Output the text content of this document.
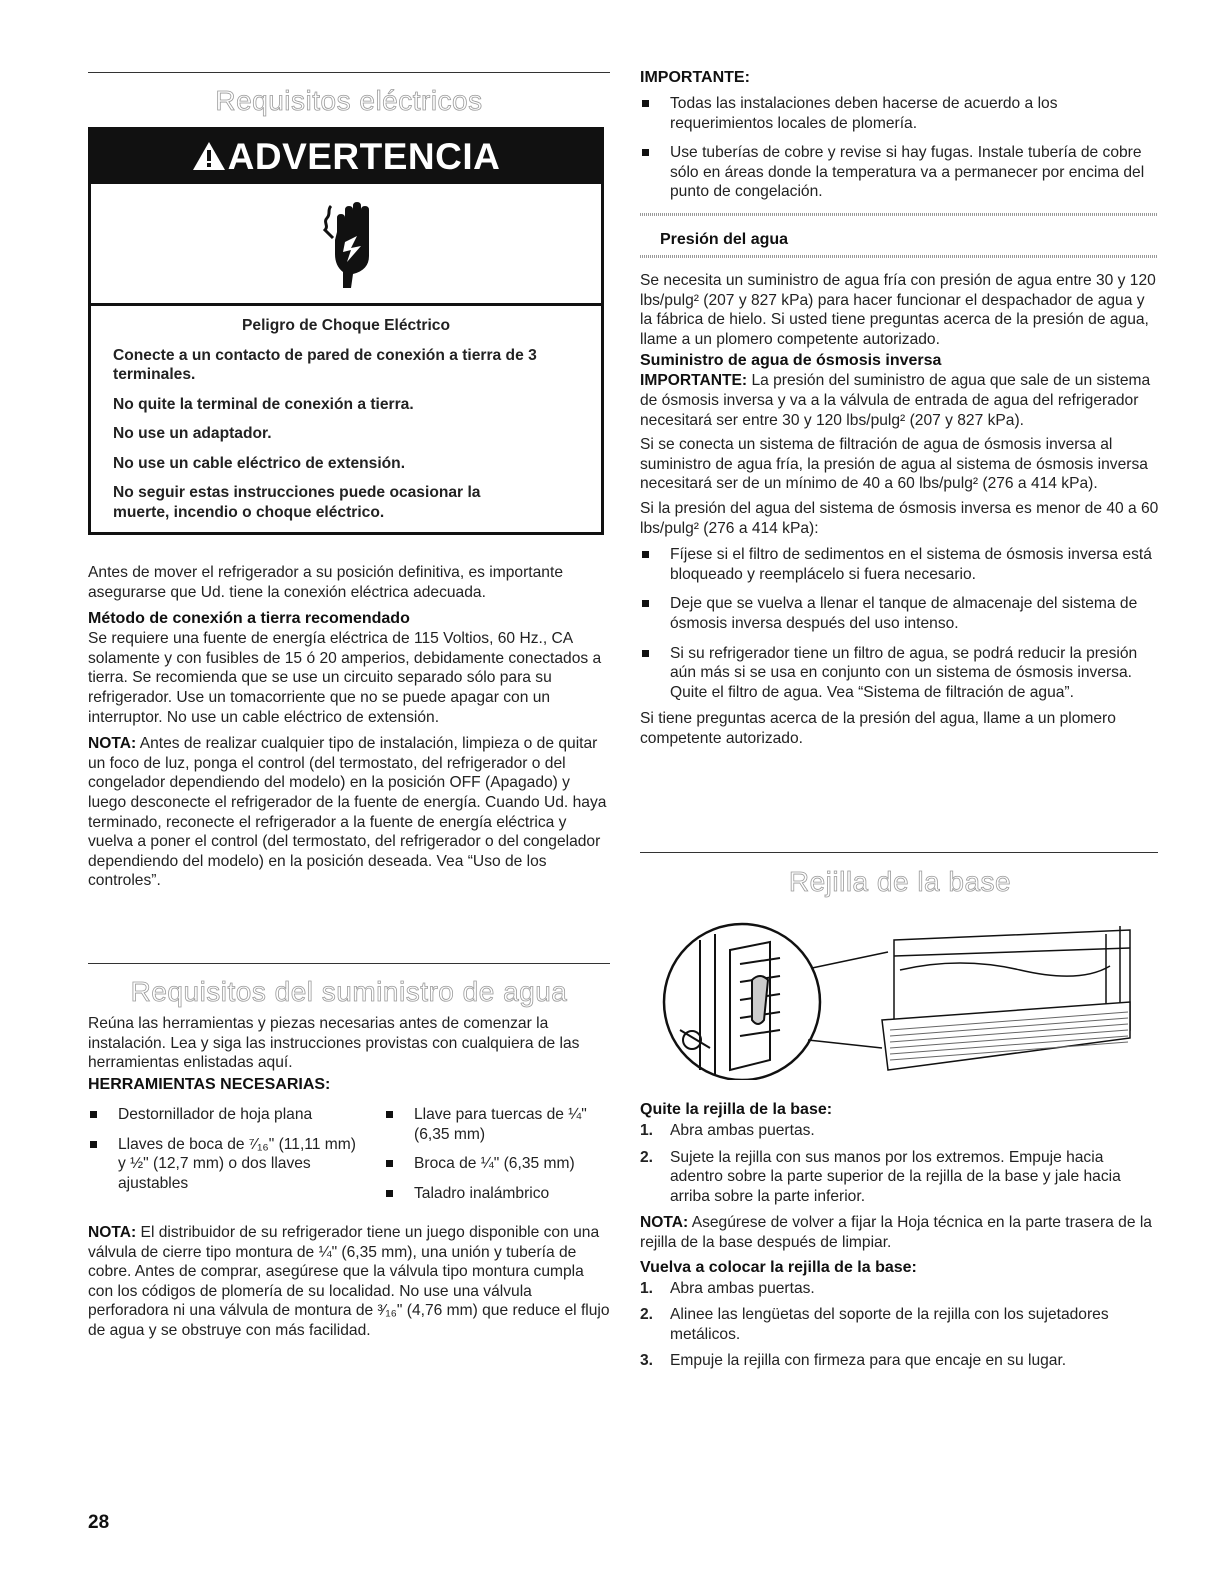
Requisitos eléctricos
ADVERTENCIA
Peligro de Choque Eléctrico
Conecte a un contacto de pared de conexión a tierra de 3 terminales.
No quite la terminal de conexión a tierra.
No use un adaptador.
No use un cable eléctrico de extensión.
No seguir estas instrucciones puede ocasionar la muerte, incendio o choque eléctrico.

Antes de mover el refrigerador a su posición definitiva, es importante asegurarse que Ud. tiene la conexión eléctrica adecuada.

Método de conexión a tierra recomendado

Se requiere una fuente de energía eléctrica de 115 Voltios, 60 Hz., CA solamente y con fusibles de 15 ó 20 amperios, debidamente conectados a tierra. Se recomienda que se use un circuito separado sólo para su refrigerador. Use un tomacorriente que no se puede apagar con un interruptor. No use un cable eléctrico de extensión.

NOTA: Antes de realizar cualquier tipo de instalación, limpieza o de quitar un foco de luz, ponga el control (del termostato, del refrigerador o del congelador dependiendo del modelo) en la posición OFF (Apagado) y luego desconecte el refrigerador de la fuente de energía. Cuando Ud. haya terminado, reconecte el refrigerador a la fuente de energía eléctrica y vuelva a poner el control (del termostato, del refrigerador o del congelador dependiendo del modelo) en la posición deseada. Vea “Uso de los controles”.

Requisitos del suministro de agua

Reúna las herramientas y piezas necesarias antes de comenzar la instalación. Lea y siga las instrucciones provistas con cualquiera de las herramientas enlistadas aquí.

HERRAMIENTAS NECESARIAS:
Destornillador de hoja plana
Llaves de boca de ⁷⁄₁₆" (11,11 mm) y ½" (12,7 mm) o dos llaves ajustables
Llave para tuercas de ¼" (6,35 mm)
Broca de ¼" (6,35 mm)
Taladro inalámbrico

NOTA: El distribuidor de su refrigerador tiene un juego disponible con una válvula de cierre tipo montura de ¼" (6,35 mm), una unión y tubería de cobre. Antes de comprar, asegúrese que la válvula tipo montura cumpla con los códigos de plomería de su localidad. No use una válvula perforadora ni una válvula de montura de ³⁄₁₆" (4,76 mm) que reduce el flujo de agua y se obstruye con más facilidad.

IMPORTANTE:
Todas las instalaciones deben hacerse de acuerdo a los requerimientos locales de plomería.
Use tuberías de cobre y revise si hay fugas. Instale tubería de cobre sólo en áreas donde la temperatura va a permanecer por encima del punto de congelación.
Presión del agua

Se necesita un suministro de agua fría con presión de agua entre 30 y 120 lbs/pulg² (207 y 827 kPa) para hacer funcionar el despachador de agua y la fábrica de hielo. Si usted tiene preguntas acerca de la presión de agua, llame a un plomero competente autorizado.

Suministro de agua de ósmosis inversa

IMPORTANTE: La presión del suministro de agua que sale de un sistema de ósmosis inversa y va a la válvula de entrada de agua del refrigerador necesitará ser entre 30 y 120 lbs/pulg² (207 y 827 kPa).

Si se conecta un sistema de filtración de agua de ósmosis inversa al suministro de agua fría, la presión de agua al sistema de ósmosis inversa necesitará ser de un mínimo de 40 a 60 lbs/pulg² (276 a 414 kPa).

Si la presión del agua del sistema de ósmosis inversa es menor de 40 a 60 lbs/pulg² (276 a 414 kPa):

Fíjese si el filtro de sedimentos en el sistema de ósmosis inversa está bloqueado y reemplácelo si fuera necesario.
Deje que se vuelva a llenar el tanque de almacenaje del sistema de ósmosis inversa después del uso intenso.
Si su refrigerador tiene un filtro de agua, se podrá reducir la presión aún más si se usa en conjunto con un sistema de ósmosis inversa. Quite el filtro de agua. Vea “Sistema de filtración de agua”.

Si tiene preguntas acerca de la presión del agua, llame a un plomero competente autorizado.

Rejilla de la base
Quite la rejilla de la base:
1. Abra ambas puertas.
2. Sujete la rejilla con sus manos por los extremos. Empuje hacia adentro sobre la parte superior de la rejilla de la base y jale hacia arriba sobre la parte inferior.

NOTA: Asegúrese de volver a fijar la Hoja técnica en la parte trasera de la rejilla de la base después de limpiar.

Vuelva a colocar la rejilla de la base:
1. Abra ambas puertas.
2. Alinee las lengüetas del soporte de la rejilla con los sujetadores metálicos.
3. Empuje la rejilla con firmeza para que encaje en su lugar.
28
